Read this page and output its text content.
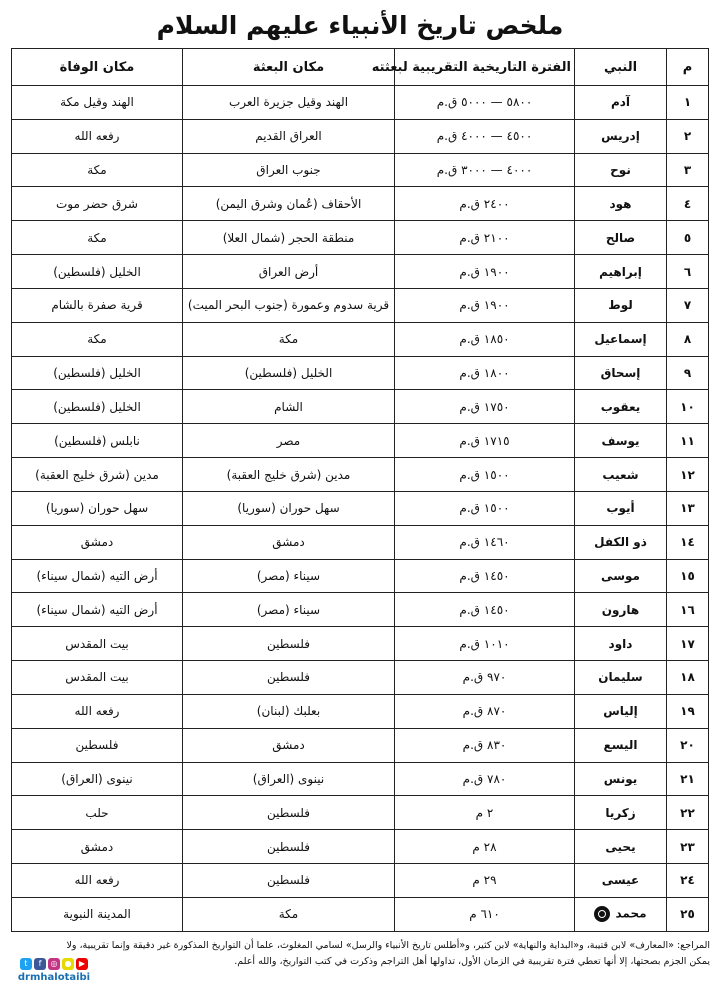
ملخص تاريخ الأنبياء عليهم السلام
م	النبي	الفترة التاريخية التقريبية لبعثته	مكان البعثة	مكان الوفاة
١	آدم	٥٨٠٠ — ٥٠٠٠ ق.م	الهند وقيل جزيرة العرب	الهند وقيل مكة
٢	إدريس	٤٥٠٠ — ٤٠٠٠ ق.م	العراق القديم	رفعه الله
٣	نوح	٤٠٠٠ — ٣٠٠٠ ق.م	جنوب العراق	مكة
٤	هود	٢٤٠٠ ق.م	الأحقاف (عُمان وشرق اليمن)	شرق حضر موت
٥	صالح	٢١٠٠ ق.م	منطقة الحجر (شمال العلا)	مكة
٦	إبراهيم	١٩٠٠ ق.م	أرض العراق	الخليل (فلسطين)
٧	لوط	١٩٠٠ ق.م	قرية سدوم وعمورة (جنوب البحر الميت)	قرية صفرة بالشام
٨	إسماعيل	١٨٥٠ ق.م	مكة	مكة
٩	إسحاق	١٨٠٠ ق.م	الخليل (فلسطين)	الخليل (فلسطين)
١٠	يعقوب	١٧٥٠ ق.م	الشام	الخليل (فلسطين)
١١	يوسف	١٧١٥ ق.م	مصر	نابلس (فلسطين)
١٢	شعيب	١٥٠٠ ق.م	مدين (شرق خليج العقبة)	مدين (شرق خليج العقبة)
١٣	أيوب	١٥٠٠ ق.م	سهل حوران (سوريا)	سهل حوران (سوريا)
١٤	ذو الكفل	١٤٦٠ ق.م	دمشق	دمشق
١٥	موسى	١٤٥٠ ق.م	سيناء (مصر)	أرض التيه (شمال سيناء)
١٦	هارون	١٤٥٠ ق.م	سيناء (مصر)	أرض التيه (شمال سيناء)
١٧	داود	١٠١٠ ق.م	فلسطين	بيت المقدس
١٨	سليمان	٩٧٠ ق.م	فلسطين	بيت المقدس
١٩	إلياس	٨٧٠ ق.م	بعلبك (لبنان)	رفعه الله
٢٠	اليسع	٨٣٠ ق.م	دمشق	فلسطين
٢١	يونس	٧٨٠ ق.م	نينوى (العراق)	نينوى (العراق)
٢٢	زكريا	٢ م	فلسطين	حلب
٢٣	يحيى	٢٨ م	فلسطين	دمشق
٢٤	عيسى	٢٩ م	فلسطين	رفعه الله
٢٥	محمد	٦١٠ م	مكة	المدينة النبوية
المراجع: «المعارف» لابن قتيبة، و«البداية والنهاية» لابن كثير، و«أطلس تاريخ الأنبياء والرسل» لسامي المغلوث، علما أن التواريخ المذكورة غير دقيقة وإنما تقريبية، ولا
يمكن الجزم بصحتها، إلا أنها تعطي فترة تقريبية في الزمان الأول، تداولها أهل التراجم وذكرت في كتب التواريخ، والله أعلم.
t	f	◎ ● ▶
drmhalotaibi
